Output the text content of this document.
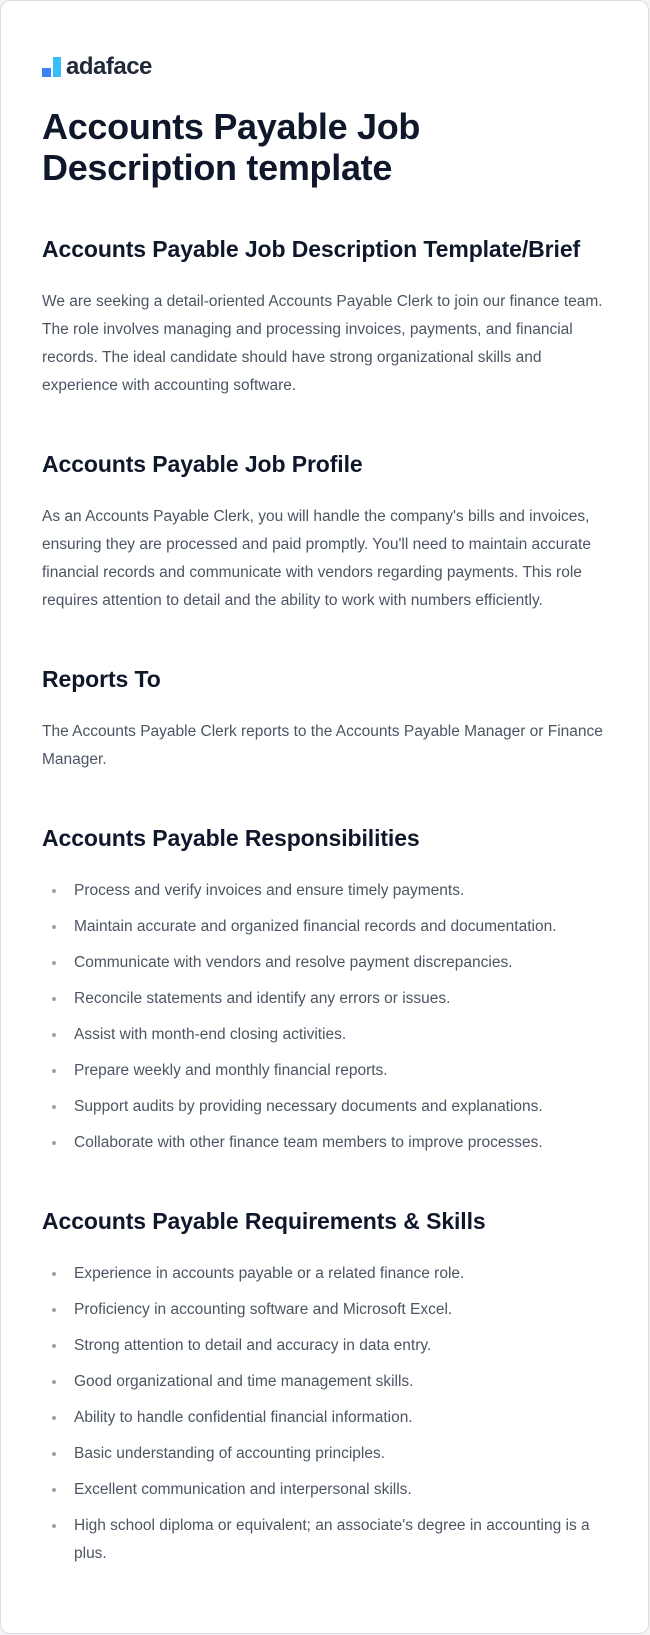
adaface
Accounts Payable Job Description template
Accounts Payable Job Description Template/Brief

We are seeking a detail-oriented Accounts Payable Clerk to join our finance team. The role involves managing and processing invoices, payments, and financial records. The ideal candidate should have strong organizational skills and experience with accounting software.

Accounts Payable Job Profile

As an Accounts Payable Clerk, you will handle the company's bills and invoices, ensuring they are processed and paid promptly. You'll need to maintain accurate financial records and communicate with vendors regarding payments. This role requires attention to detail and the ability to work with numbers efficiently.

Reports To

The Accounts Payable Clerk reports to the Accounts Payable Manager or Finance Manager.

Accounts Payable Responsibilities
Process and verify invoices and ensure timely payments.
Maintain accurate and organized financial records and documentation.
Communicate with vendors and resolve payment discrepancies.
Reconcile statements and identify any errors or issues.
Assist with month-end closing activities.
Prepare weekly and monthly financial reports.
Support audits by providing necessary documents and explanations.
Collaborate with other finance team members to improve processes.
Accounts Payable Requirements & Skills
Experience in accounts payable or a related finance role.
Proficiency in accounting software and Microsoft Excel.
Strong attention to detail and accuracy in data entry.
Good organizational and time management skills.
Ability to handle confidential financial information.
Basic understanding of accounting principles.
Excellent communication and interpersonal skills.
High school diploma or equivalent; an associate's degree in accounting is a plus.
